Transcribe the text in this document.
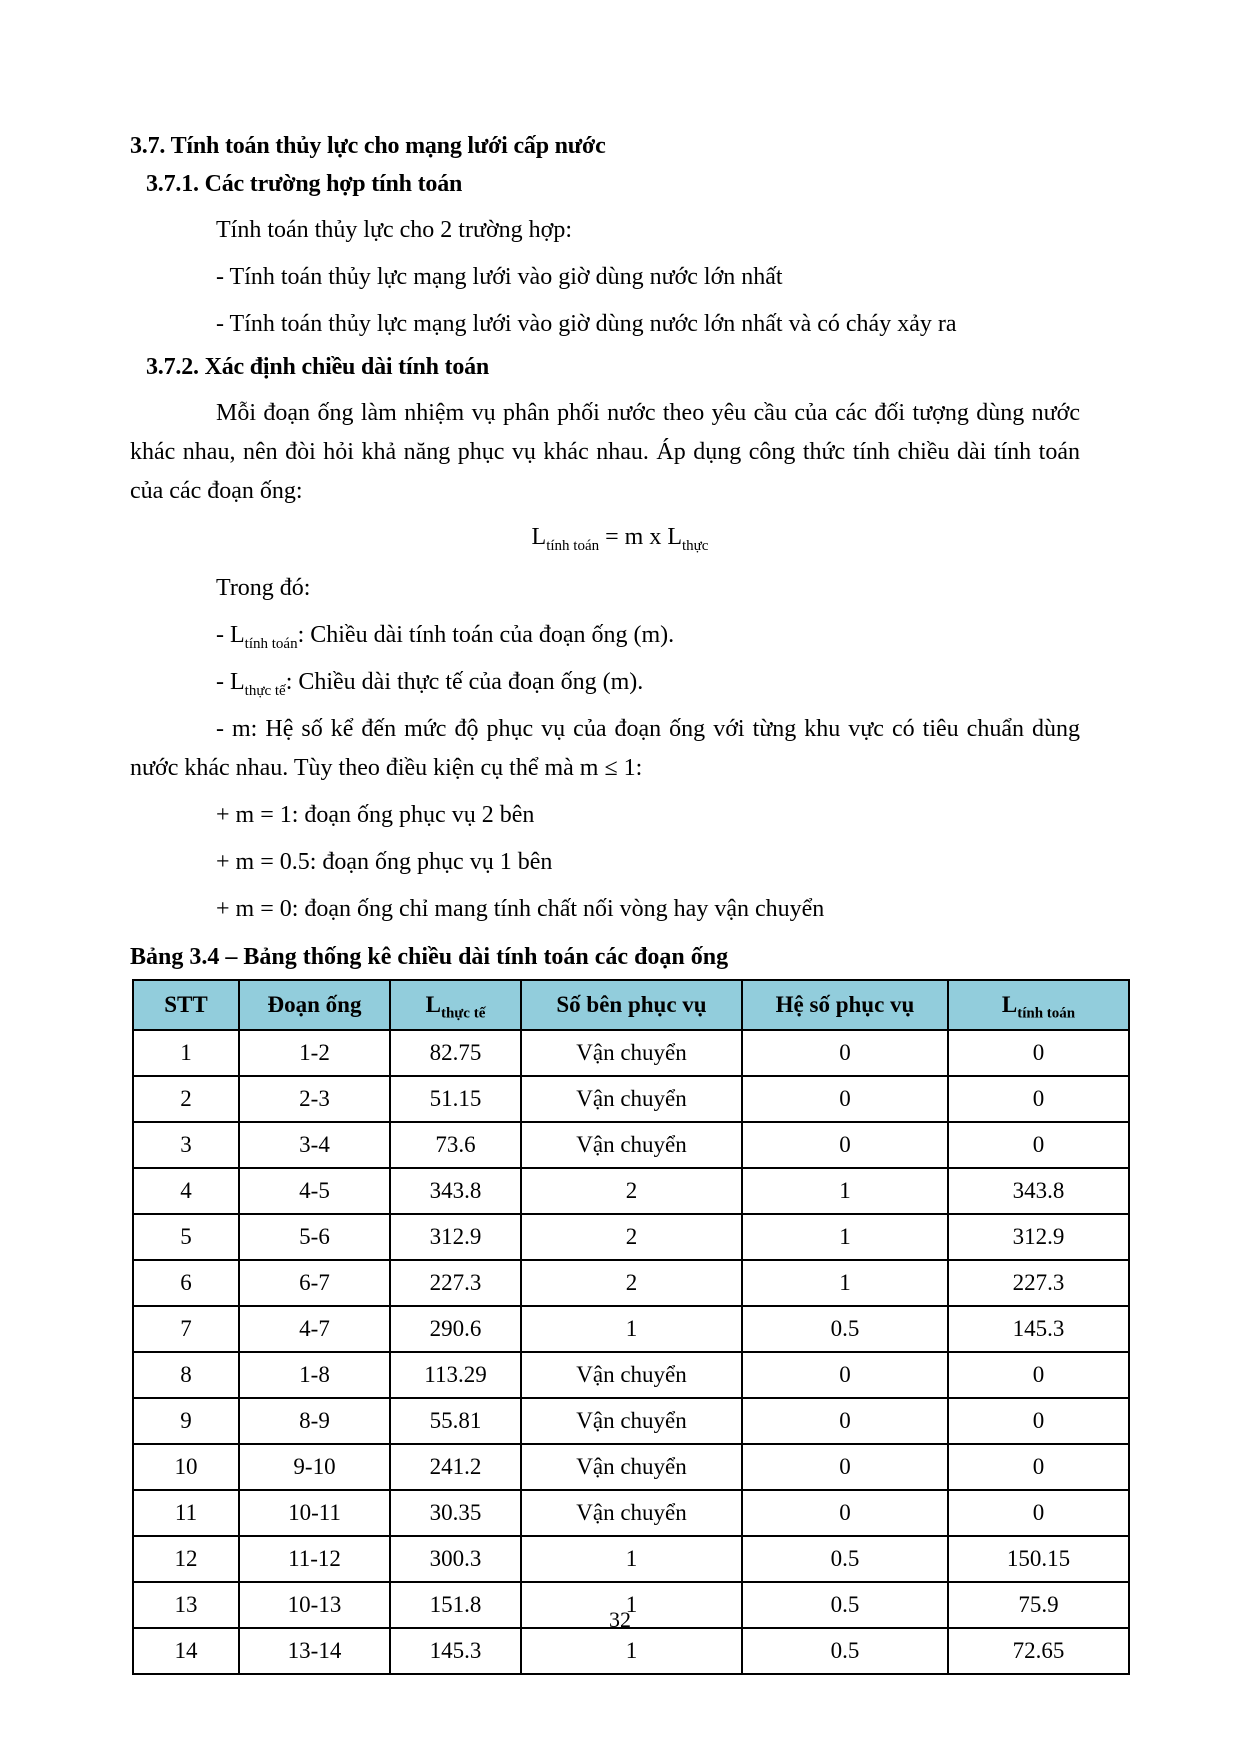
3.7. Tính toán thủy lực cho mạng lưới cấp nước
3.7.1. Các trường hợp tính toán

Tính toán thủy lực cho 2 trường hợp:

- Tính toán thủy lực mạng lưới vào giờ dùng nước lớn nhất

- Tính toán thủy lực mạng lưới vào giờ dùng nước lớn nhất và có cháy xảy ra

3.7.2. Xác định chiều dài tính toán

Mỗi đoạn ống làm nhiệm vụ phân phối nước theo yêu cầu của các đối tượng dùng nước khác nhau, nên đòi hỏi khả năng phục vụ khác nhau. Áp dụng công thức tính chiều dài tính toán của các đoạn ống:

$L_{tính toán} = m$ x $L_{thực}$

Trong đó:

- $L_{tính toán}$: Chiều dài tính toán của đoạn ống (m).

- $L_{thực tế}$: Chiều dài thực tế của đoạn ống (m).

- m: Hệ số kể đến mức độ phục vụ của đoạn ống với từng khu vực có tiêu chuẩn dùng nước khác nhau. Tùy theo điều kiện cụ thể mà m ≤ 1:

+ m = 1: đoạn ống phục vụ 2 bên

+ m = 0.5: đoạn ống phục vụ 1 bên

+ m = 0: đoạn ống chỉ mang tính chất nối vòng hay vận chuyển

Bảng 3.4 – Bảng thống kê chiều dài tính toán các đoạn ống
STT	Đoạn ống	$L_{thực tế}$	Số bên phục vụ	Hệ số phục vụ	$L_{tính toán}$
1	1-2	82.75	Vận chuyển	0	0
2	2-3	51.15	Vận chuyển	0	0
3	3-4	73.6	Vận chuyển	0	0
4	4-5	343.8	2	1	343.8
5	5-6	312.9	2	1	312.9
6	6-7	227.3	2	1	227.3
7	4-7	290.6	1	0.5	145.3
8	1-8	113.29	Vận chuyển	0	0
9	8-9	55.81	Vận chuyển	0	0
10	9-10	241.2	Vận chuyển	0	0
11	10-11	30.35	Vận chuyển	0	0
12	11-12	300.3	1	0.5	150.15
13	10-13	151.8	1	0.5	75.9
14	13-14	145.3	1	0.5	72.65
32
